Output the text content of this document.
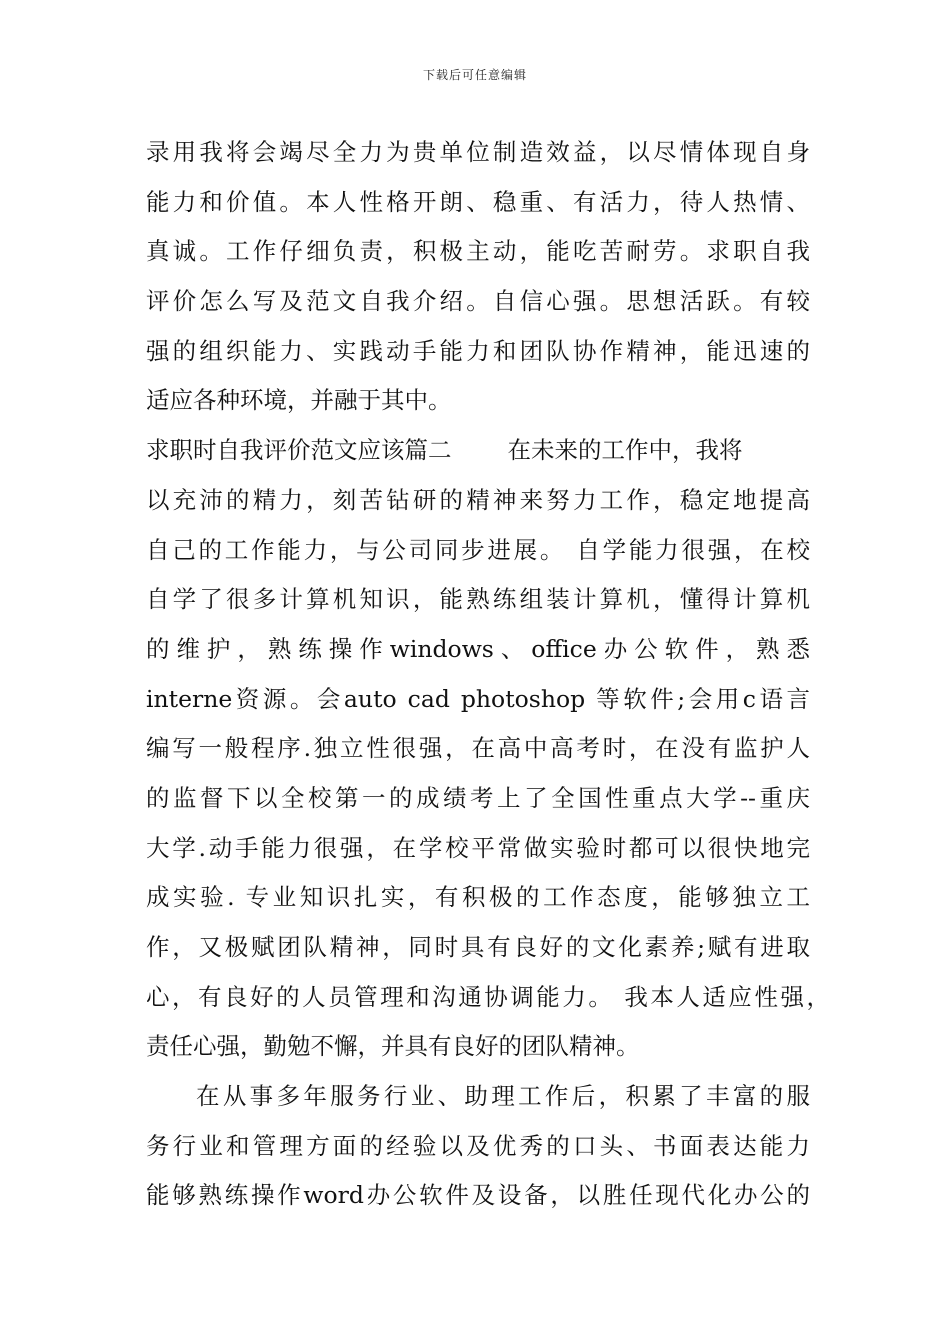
下载后可任意编辑
录用我将会竭尽全力为贵单位制造效益，以尽情体现自身
能力和价值。本人性格开朗、稳重、有活力，待人热情、
真诚。工作仔细负责，积极主动，能吃苦耐劳。求职自我
评价怎么写及范文自我介绍。自信心强。思想活跃。有较
强的组织能力、实践动手能力和团队协作精神，能迅速的
适应各种环境，并融于其中。
求职时自我评价范文应该篇二 在未来的工作中，我将
以充沛的精力，刻苦钻研的精神来努力工作，稳定地提高
自己的工作能力，与公司同步进展。 自学能力很强，在校
自学了很多计算机知识，能熟练组装计算机，懂得计算机
的维护，熟练操作windows、office办公软件，熟悉
interne资源。会auto cad photoshop 等软件;会用c语言
编写一般程序.独立性很强，在高中高考时，在没有监护人
的监督下以全校第一的成绩考上了全国性重点大学--重庆
大学.动手能力很强，在学校平常做实验时都可以很快地完
成实验. 专业知识扎实，有积极的工作态度，能够独立工
作，又极赋团队精神，同时具有良好的文化素养;赋有进取
心，有良好的人员管理和沟通协调能力。 我本人适应性强，
责任心强，勤勉不懈，并具有良好的团队精神。
在从事多年服务行业、助理工作后，积累了丰富的服
务行业和管理方面的经验以及优秀的口头、书面表达能力
能够熟练操作word办公软件及设备，以胜任现代化办公的
